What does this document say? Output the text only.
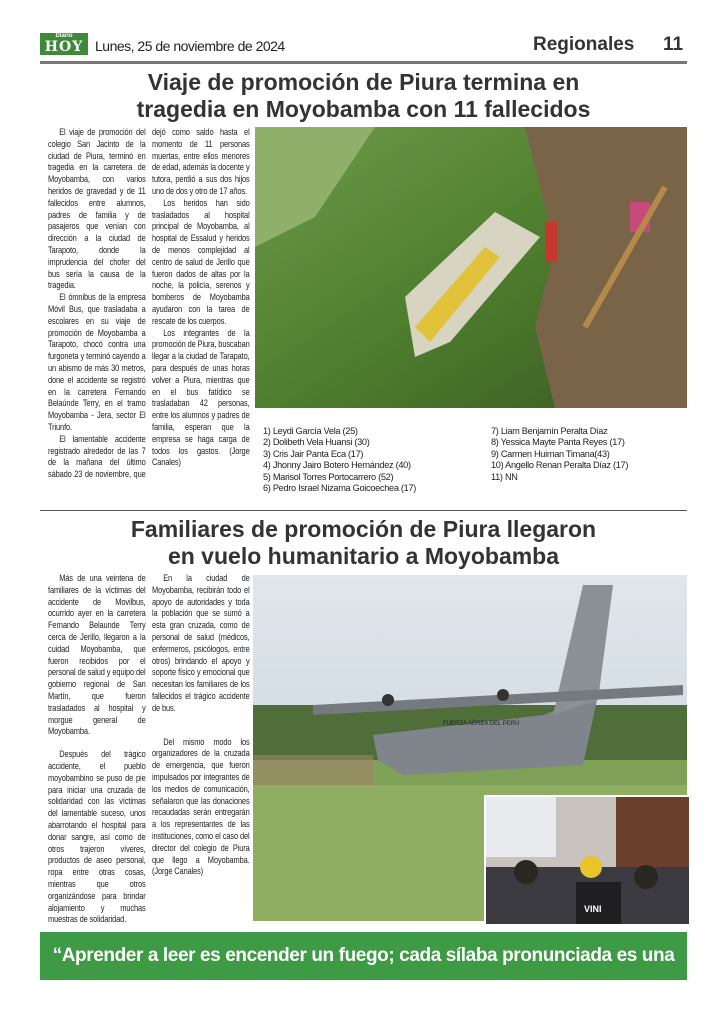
Diario
HOY Lunes, 25 de noviembre de 2024	Regionales 11
Viaje de promoción de Piura termina en
tragedia en Moyobamba con 11 fallecidos

El viaje de promoción del colegio San Jacinto de la ciudad de Piura, terminó en tragedia en la carretera de Moyobamba, con varios heridos de gravedad y de 11 fallecidos entre alumnos, padres de familia y de pasajeros que venían con dirección a la ciudad de Tarapoto, donde la imprudencia del chofer del bus sería la causa de la tragedia.

El ómnibus de la empresa Móvil Bus, que trasladaba a escolares en su viaje de promoción de Moyobamba a Tarapoto, chocó contra una furgoneta y terminó cayendo a un abismo de más 30 metros, done el accidente se registró en la carretera Fernando Belaúnde Terry, en el tramo Moyobamba - Jera, sector El Triunfo.

El lamentable accidente registrado alrededor de las 7 de la mañana del último sábado 23 de noviembre, que dejó como saldo hasta el momento de 11 personas muertas, entre ellos menores de edad, además la docente y tutora, perdió a sus dos hijos uno de dos y otro de 17 años.

Los heridos han sido trasladados al hospital principal de Moyobamba, al hospital de Essalud y heridos de menos complejidad al centro de salud de Jerillo que fueron dados de altas por la noche, la policía, serenos y bomberos de Moyobamba ayudaron con la tarea de rescate de los cuerpos.

Los integrantes de la promoción de Piura, buscaban llegar a la ciudad de Tarapato, para después de unas horas volver a Piura, mientras que en el bus fatídico se trasladaban 42 personas, entre los alumnos y padres de familia, esperan que la empresa se haga carga de todos los gastos. (Jorge Canales)

1) Leydi García Vela (25)
2) Dolibeth Vela Huansi (30)
3) Cris Jair Panta Eca (17)
4) Jhonny Jairo Botero Hernández (40)
5) Marisol Torres Portocarrero (52)
6) Pedro Israel Nizama Goicoechea (17)
7) Liam Benjamín Peralta Díaz
8) Yessica Mayte Panta Reyes (17)
9) Carmen Huiman Timana(43)
10) Angello Renan Peralta Díaz (17)
11) NN
Familiares de promoción de Piura llegaron
en vuelo humanitario a Moyobamba

Más de una veintena de familiares de la víctimas del accidente de Movilbus, ocurrido ayer en la carretera Fernando Belaunde Terry cerca de Jerillo, llegaron a la cuidad Moyobamba, que fueron recibidos por el personal de salud y equipo del gobierno regional de San Martín, que fueron trasladados al hospital y morgue general de Moyobamba.

Después del trágico accidente, el pueblo moyobambino se puso de pie para iniciar una cruzada de solidaridad con las víctimas del lamentable suceso, unos abarrotando el hospital para donar sangre, así como de otros trajeron víveres, productos de aseo personal, ropa entre otras cosas, mientras que otros organizándose para brindar alojamiento y muchas muestras de solidaridad.

En la ciudad de Moyobamba, recibirán todo el apoyo de autoridades y toda la población que se sumó a esta gran cruzada, como de personal de salud (médicos, enfermeros, psicólogos, entre otros) brindando el apoyo y soporte físico y emocional que necesitan los familiares de los fallecidos el trágico accidente de bus.

Del mismo modo los organizadores de la cruzada de emergencia, que fueron impulsados por integrantes de los medios de comunicación, señalaron que las donaciones recaudadas serán entregarán a los representantes de las instituciones, como el caso del director del colegio de Piura que llego a Moyobamba. (Jorge Canales)

FUERZA AÉREA DEL PERÚ
VINI
“Aprender a leer es encender un fuego; cada sílaba pronunciada es una chispa”.
